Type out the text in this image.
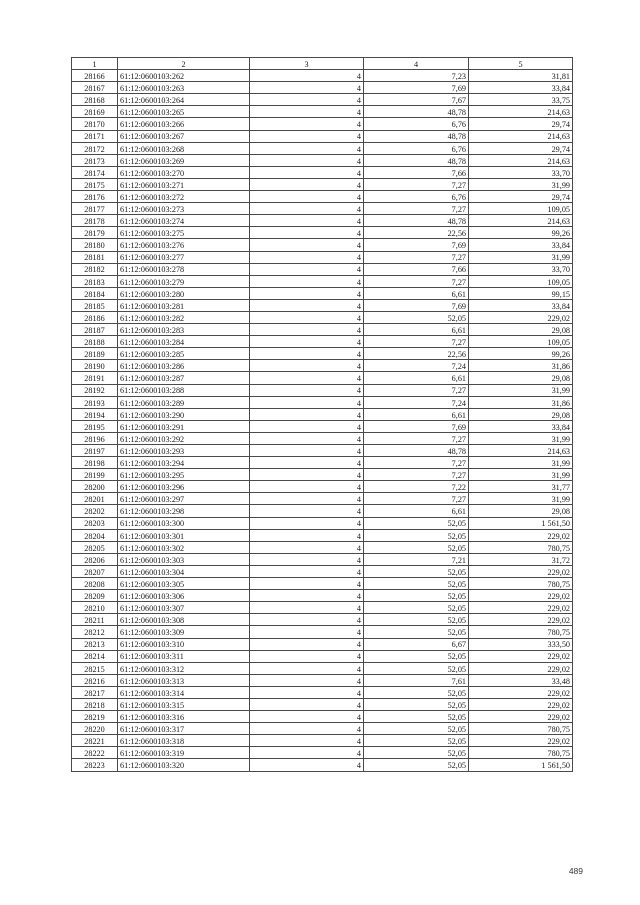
1	2	3	4	5
28166	61:12:0600103:262	4	7,23	31,81
28167	61:12:0600103:263	4	7,69	33,84
28168	61:12:0600103:264	4	7,67	33,75
28169	61:12:0600103:265	4	48,78	214,63
28170	61:12:0600103:266	4	6,76	29,74
28171	61:12:0600103:267	4	48,78	214,63
28172	61:12:0600103:268	4	6,76	29,74
28173	61:12:0600103:269	4	48,78	214,63
28174	61:12:0600103:270	4	7,66	33,70
28175	61:12:0600103:271	4	7,27	31,99
28176	61:12:0600103:272	4	6,76	29,74
28177	61:12:0600103:273	4	7,27	109,05
28178	61:12:0600103:274	4	48,78	214,63
28179	61:12:0600103:275	4	22,56	99,26
28180	61:12:0600103:276	4	7,69	33,84
28181	61:12:0600103:277	4	7,27	31,99
28182	61:12:0600103:278	4	7,66	33,70
28183	61:12:0600103:279	4	7,27	109,05
28184	61:12:0600103:280	4	6,61	99,15
28185	61:12:0600103:281	4	7,69	33,84
28186	61:12:0600103:282	4	52,05	229,02
28187	61:12:0600103:283	4	6,61	29,08
28188	61:12:0600103:284	4	7,27	109,05
28189	61:12:0600103:285	4	22,56	99,26
28190	61:12:0600103:286	4	7,24	31,86
28191	61:12:0600103:287	4	6,61	29,08
28192	61:12:0600103:288	4	7,27	31,99
28193	61:12:0600103:289	4	7,24	31,86
28194	61:12:0600103:290	4	6,61	29,08
28195	61:12:0600103:291	4	7,69	33,84
28196	61:12:0600103:292	4	7,27	31,99
28197	61:12:0600103:293	4	48,78	214,63
28198	61:12:0600103:294	4	7,27	31,99
28199	61:12:0600103:295	4	7,27	31,99
28200	61:12:0600103:296	4	7,22	31,77
28201	61:12:0600103:297	4	7,27	31,99
28202	61:12:0600103:298	4	6,61	29,08
28203	61:12:0600103:300	4	52,05	1 561,50
28204	61:12:0600103:301	4	52,05	229,02
28205	61:12:0600103:302	4	52,05	780,75
28206	61:12:0600103:303	4	7,21	31,72
28207	61:12:0600103:304	4	52,05	229,02
28208	61:12:0600103:305	4	52,05	780,75
28209	61:12:0600103:306	4	52,05	229,02
28210	61:12:0600103:307	4	52,05	229,02
28211	61:12:0600103:308	4	52,05	229,02
28212	61:12:0600103:309	4	52,05	780,75
28213	61:12:0600103:310	4	6,67	333,50
28214	61:12:0600103:311	4	52,05	229,02
28215	61:12:0600103:312	4	52,05	229,02
28216	61:12:0600103:313	4	7,61	33,48
28217	61:12:0600103:314	4	52,05	229,02
28218	61:12:0600103:315	4	52,05	229,02
28219	61:12:0600103:316	4	52,05	229,02
28220	61:12:0600103:317	4	52,05	780,75
28221	61:12:0600103:318	4	52,05	229,02
28222	61:12:0600103:319	4	52,05	780,75
28223	61:12:0600103:320	4	52,05	1 561,50
489
